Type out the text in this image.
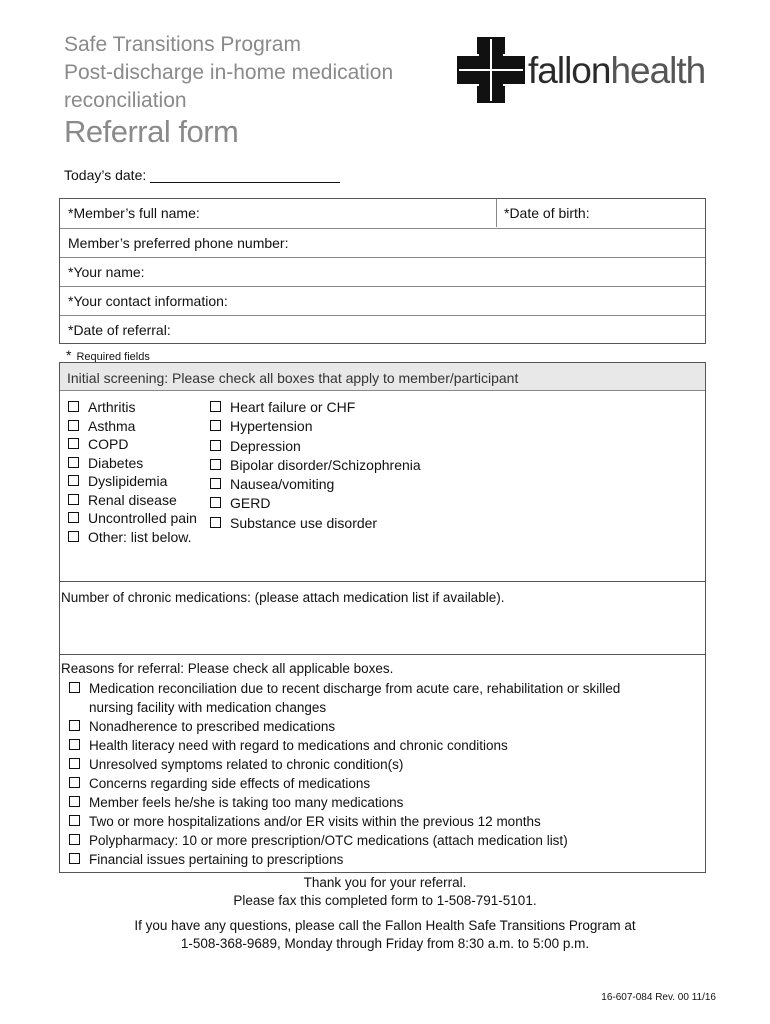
Safe Transitions Program
Post-discharge in-home medication
reconciliation
Referral form
fallonhealth
Today’s date:
*Member’s full name:	*Date of birth:
Member’s preferred phone number:
*Your name:
*Your contact information:
*Date of referral:
* Required fields
Initial screening: Please check all boxes that apply to member/participant
Arthritis
Asthma
COPD
Diabetes
Dyslipidemia
Renal disease
Uncontrolled pain
Other: list below.
Heart failure or CHF
Hypertension
Depression
Bipolar disorder/Schizophrenia
Nausea/vomiting
GERD
Substance use disorder
Number of chronic medications: (please attach medication list if available).
Reasons for referral: Please check all applicable boxes.
Medication reconciliation due to recent discharge from acute care, rehabilitation or skilled
nursing facility with medication changes
Nonadherence to prescribed medications
Health literacy need with regard to medications and chronic conditions
Unresolved symptoms related to chronic condition(s)
Concerns regarding side effects of medications
Member feels he/she is taking too many medications
Two or more hospitalizations and/or ER visits within the previous 12 months
Polypharmacy: 10 or more prescription/OTC medications (attach medication list)
Financial issues pertaining to prescriptions
Thank you for your referral.
Please fax this completed form to 1-508-791-5101.
If you have any questions, please call the Fallon Health Safe Transitions Program at
1-508-368-9689, Monday through Friday from 8:30 a.m. to 5:00 p.m.
16-607-084 Rev. 00 11/16
